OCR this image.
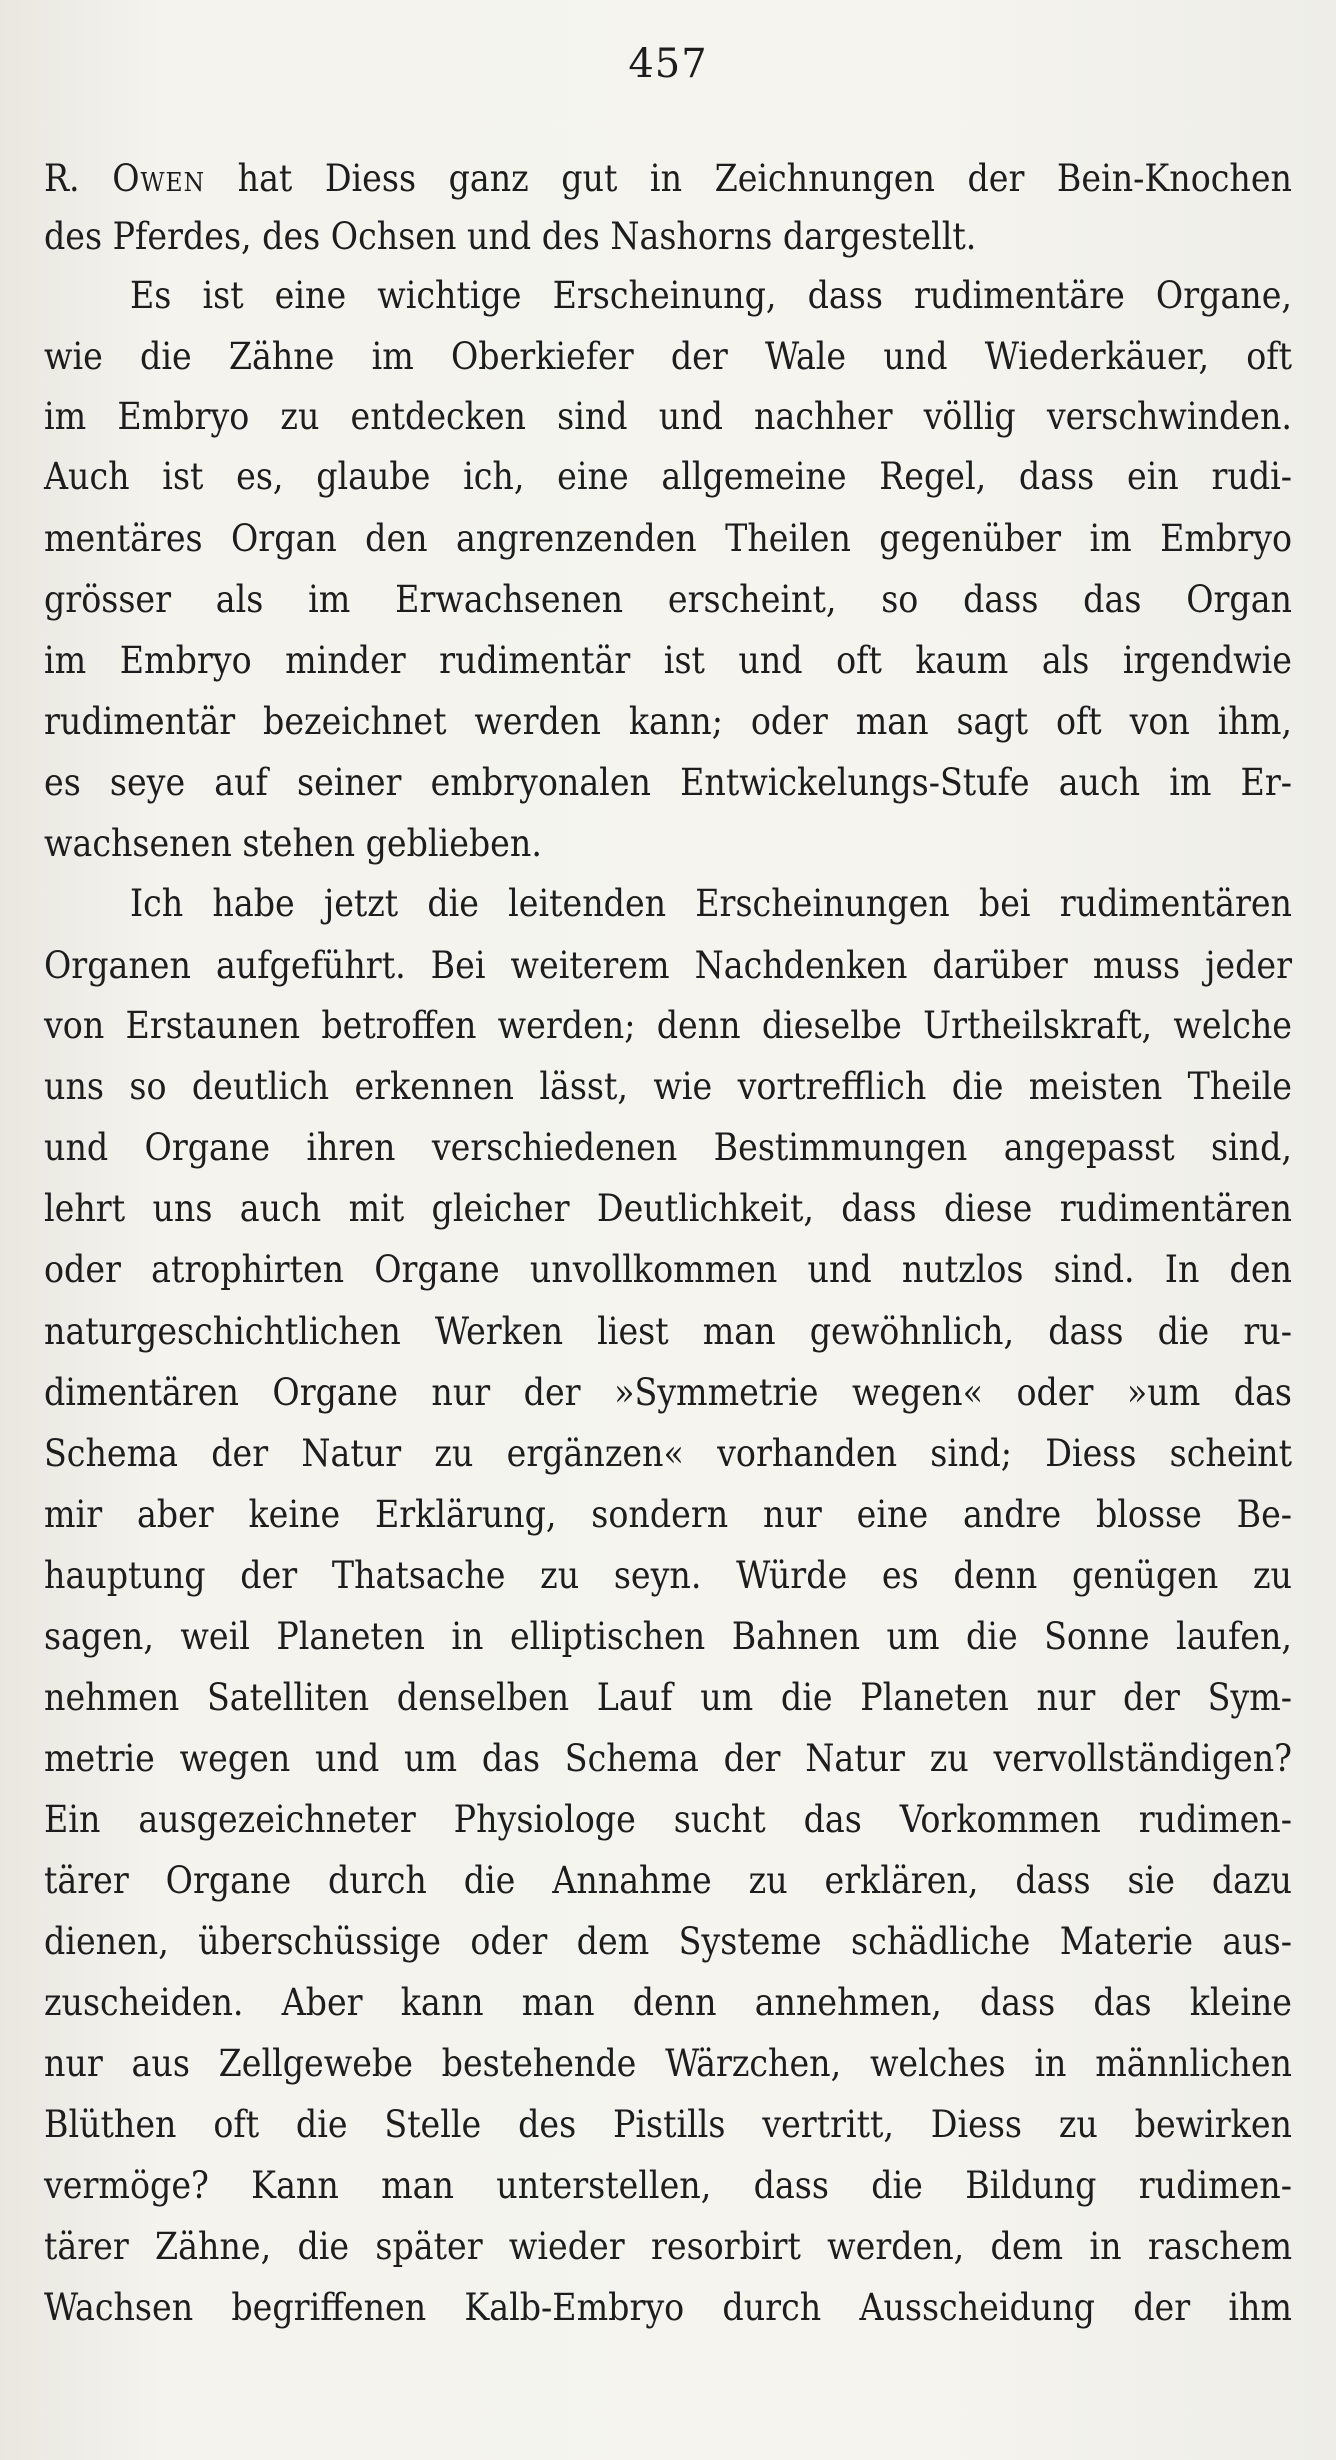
457
R. Owen hat Diess ganz gut in Zeichnungen der Bein-Knochen
des Pferdes, des Ochsen und des Nashorns dargestellt.
Es ist eine wichtige Erscheinung, dass rudimentäre Organe,
wie die Zähne im Oberkiefer der Wale und Wiederkäuer, oft
im Embryo zu entdecken sind und nachher völlig verschwinden.
Auch ist es, glaube ich, eine allgemeine Regel, dass ein rudi-
mentäres Organ den angrenzenden Theilen gegenüber im Embryo
grösser als im Erwachsenen erscheint, so dass das Organ
im Embryo minder rudimentär ist und oft kaum als irgendwie
rudimentär bezeichnet werden kann; oder man sagt oft von ihm,
es seye auf seiner embryonalen Entwickelungs-Stufe auch im Er-
wachsenen stehen geblieben.
Ich habe jetzt die leitenden Erscheinungen bei rudimentären
Organen aufgeführt. Bei weiterem Nachdenken darüber muss jeder
von Erstaunen betroffen werden; denn dieselbe Urtheilskraft, welche
uns so deutlich erkennen lässt, wie vortrefflich die meisten Theile
und Organe ihren verschiedenen Bestimmungen angepasst sind,
lehrt uns auch mit gleicher Deutlichkeit, dass diese rudimentären
oder atrophirten Organe unvollkommen und nutzlos sind. In den
naturgeschichtlichen Werken liest man gewöhnlich, dass die ru-
dimentären Organe nur der »Symmetrie wegen« oder »um das
Schema der Natur zu ergänzen« vorhanden sind; Diess scheint
mir aber keine Erklärung, sondern nur eine andre blosse Be-
hauptung der Thatsache zu seyn. Würde es denn genügen zu
sagen, weil Planeten in elliptischen Bahnen um die Sonne laufen,
nehmen Satelliten denselben Lauf um die Planeten nur der Sym-
metrie wegen und um das Schema der Natur zu vervollständigen?
Ein ausgezeichneter Physiologe sucht das Vorkommen rudimen-
tärer Organe durch die Annahme zu erklären, dass sie dazu
dienen, überschüssige oder dem Systeme schädliche Materie aus-
zuscheiden. Aber kann man denn annehmen, dass das kleine
nur aus Zellgewebe bestehende Wärzchen, welches in männlichen
Blüthen oft die Stelle des Pistills vertritt, Diess zu bewirken
vermöge? Kann man unterstellen, dass die Bildung rudimen-
tärer Zähne, die später wieder resorbirt werden, dem in raschem
Wachsen begriffenen Kalb-Embryo durch Ausscheidung der ihm
